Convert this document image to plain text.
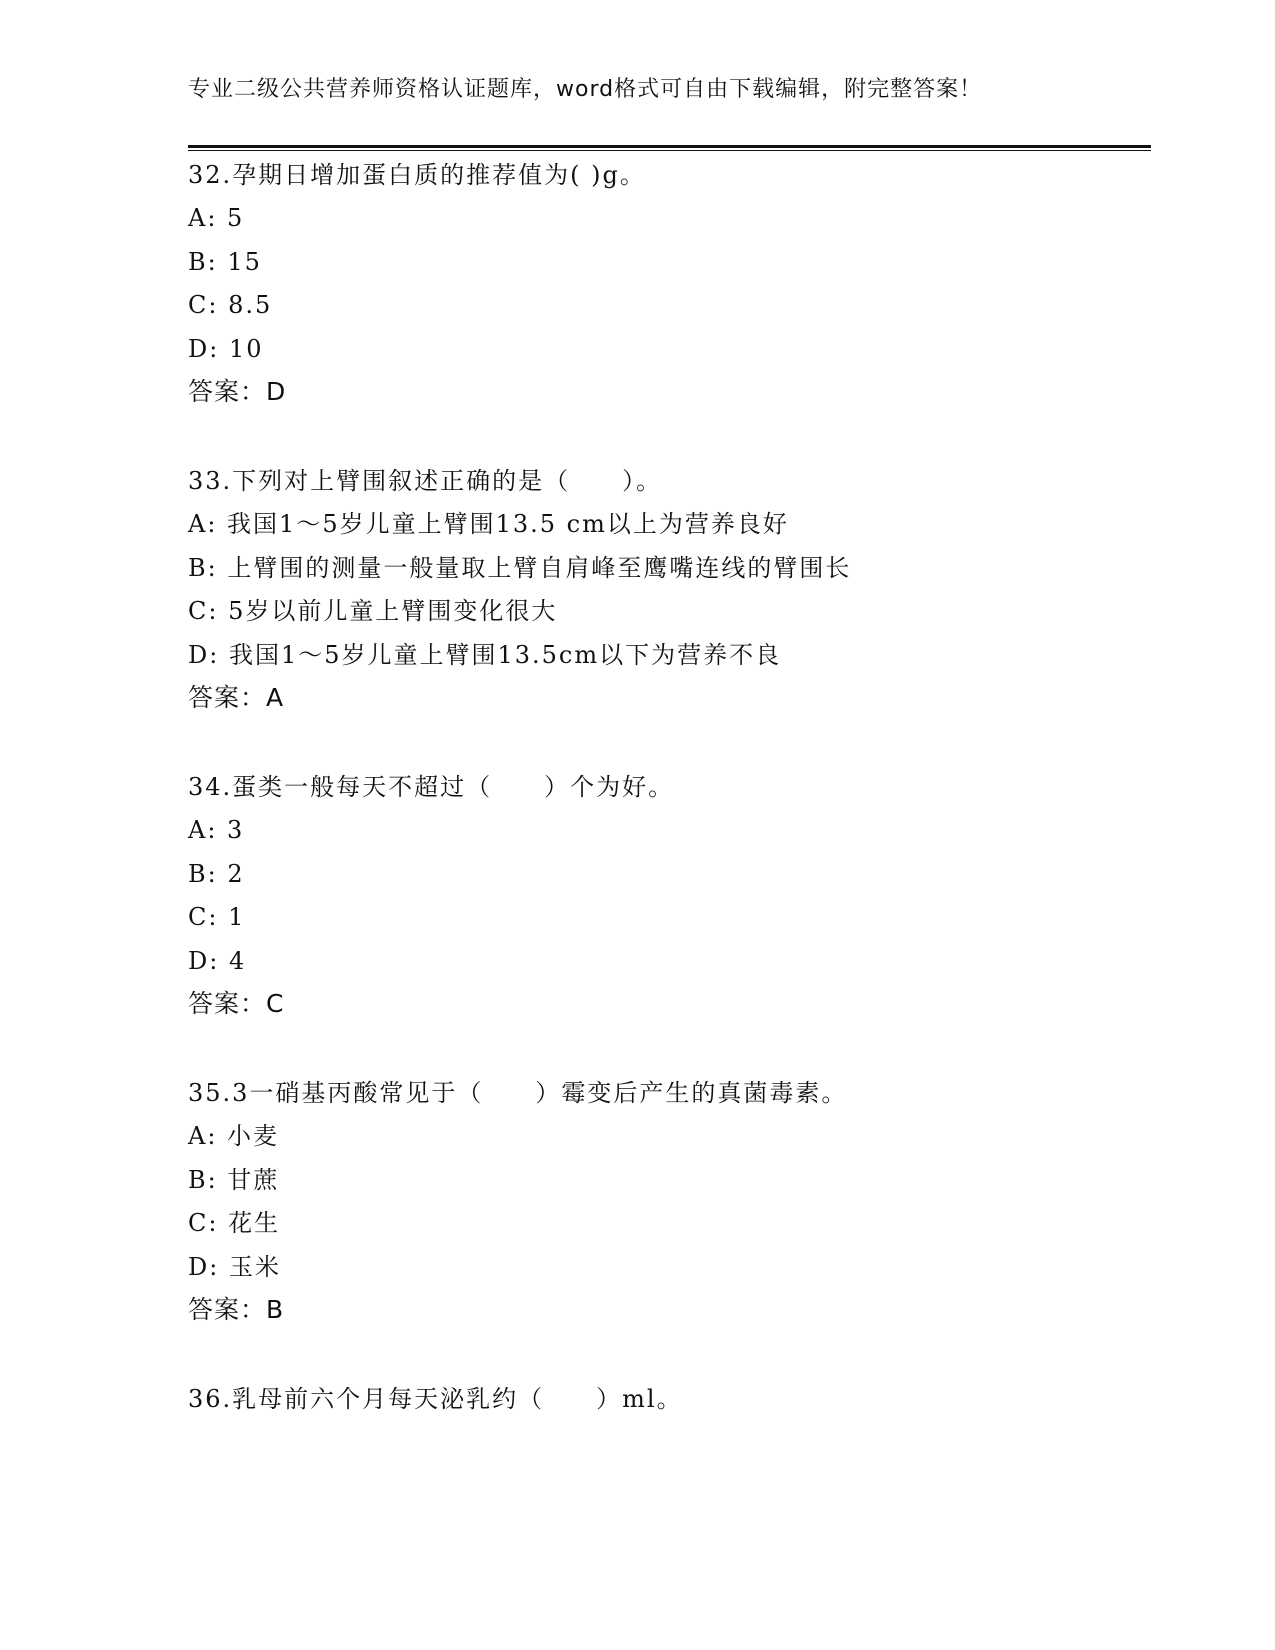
专业二级公共营养师资格认证题库，word格式可自由下载编辑，附完整答案！
32.孕期日增加蛋白质的推荐值为( )g。
A: 5
B: 15
C: 8.5
D: 10
答案：D
33.下列对上臂围叙述正确的是（　　）。
A: 我国1～5岁儿童上臂围13.5 cm以上为营养良好
B: 上臂围的测量一般量取上臂自肩峰至鹰嘴连线的臂围长
C: 5岁以前儿童上臂围变化很大
D: 我国1～5岁儿童上臂围13.5cm以下为营养不良
答案：A
34.蛋类一般每天不超过（　　）个为好。
A: 3
B: 2
C: 1
D: 4
答案：C
35.3一硝基丙酸常见于（　　）霉变后产生的真菌毒素。
A: 小麦
B: 甘蔗
C: 花生
D: 玉米
答案：B
36.乳母前六个月每天泌乳约（　　）ml。
